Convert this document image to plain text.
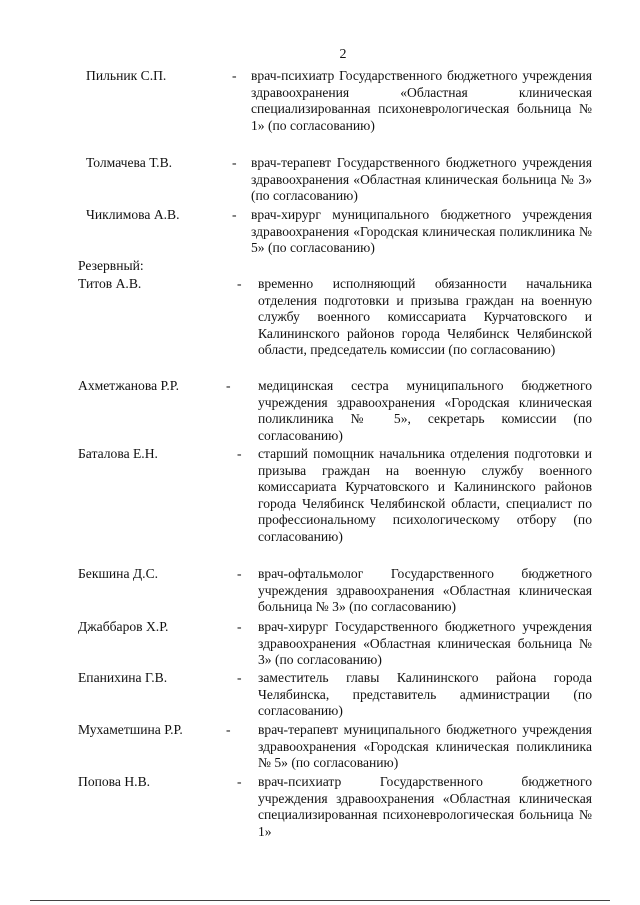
2
Пильник С.П.	- врач-психиатр Государственного бюджетного учреждения здравоохранения «Областная клиническая специализированная психоневрологическая больница № 1» (по согласованию)
Толмачева Т.В.	- врач-терапевт Государственного бюджетного учреждения здравоохранения «Областная клиническая больница № 3» (по согласованию)
Чиклимова А.В.	- врач-хирург муниципального бюджетного учреждения здравоохранения «Городская клиническая поликлиника № 5» (по согласованию)
Резервный:
Титов А.В.	- временно исполняющий обязанности начальника отделения подготовки и призыва граждан на военную службу военного комиссариата Курчатовского и Калининского районов города Челябинск Челябинской области, председатель комиссии (по согласованию)
Ахметжанова Р.Р.	- медицинская сестра муниципального бюджетного учреждения здравоохранения «Городская клиническая поликлиника № 5», секретарь комиссии (по согласованию)
Баталова Е.Н.	- старший помощник начальника отделения подготовки и призыва граждан на военную службу военного комиссариата Курчатовского и Калининского районов города Челябинск Челябинской области, специалист по профессиональному психологическому отбору (по согласованию)
Бекшина Д.С.	- врач-офтальмолог Государственного бюджетного учреждения здравоохранения «Областная клиническая больница № 3» (по согласованию)
Джаббаров Х.Р.	- врач-хирург Государственного бюджетного учреждения здравоохранения «Областная клиническая больница № 3» (по согласованию)
Епанихина Г.В.	- заместитель главы Калининского района города Челябинска, представитель администрации (по согласованию)
Мухаметшина Р.Р.	- врач-терапевт муниципального бюджетного учреждения здравоохранения «Городская клиническая поликлиника № 5» (по согласованию)
Попова Н.В.	- врач-психиатр Государственного бюджетного учреждения здравоохранения «Областная клиническая специализированная психоневрологическая больница № 1»
